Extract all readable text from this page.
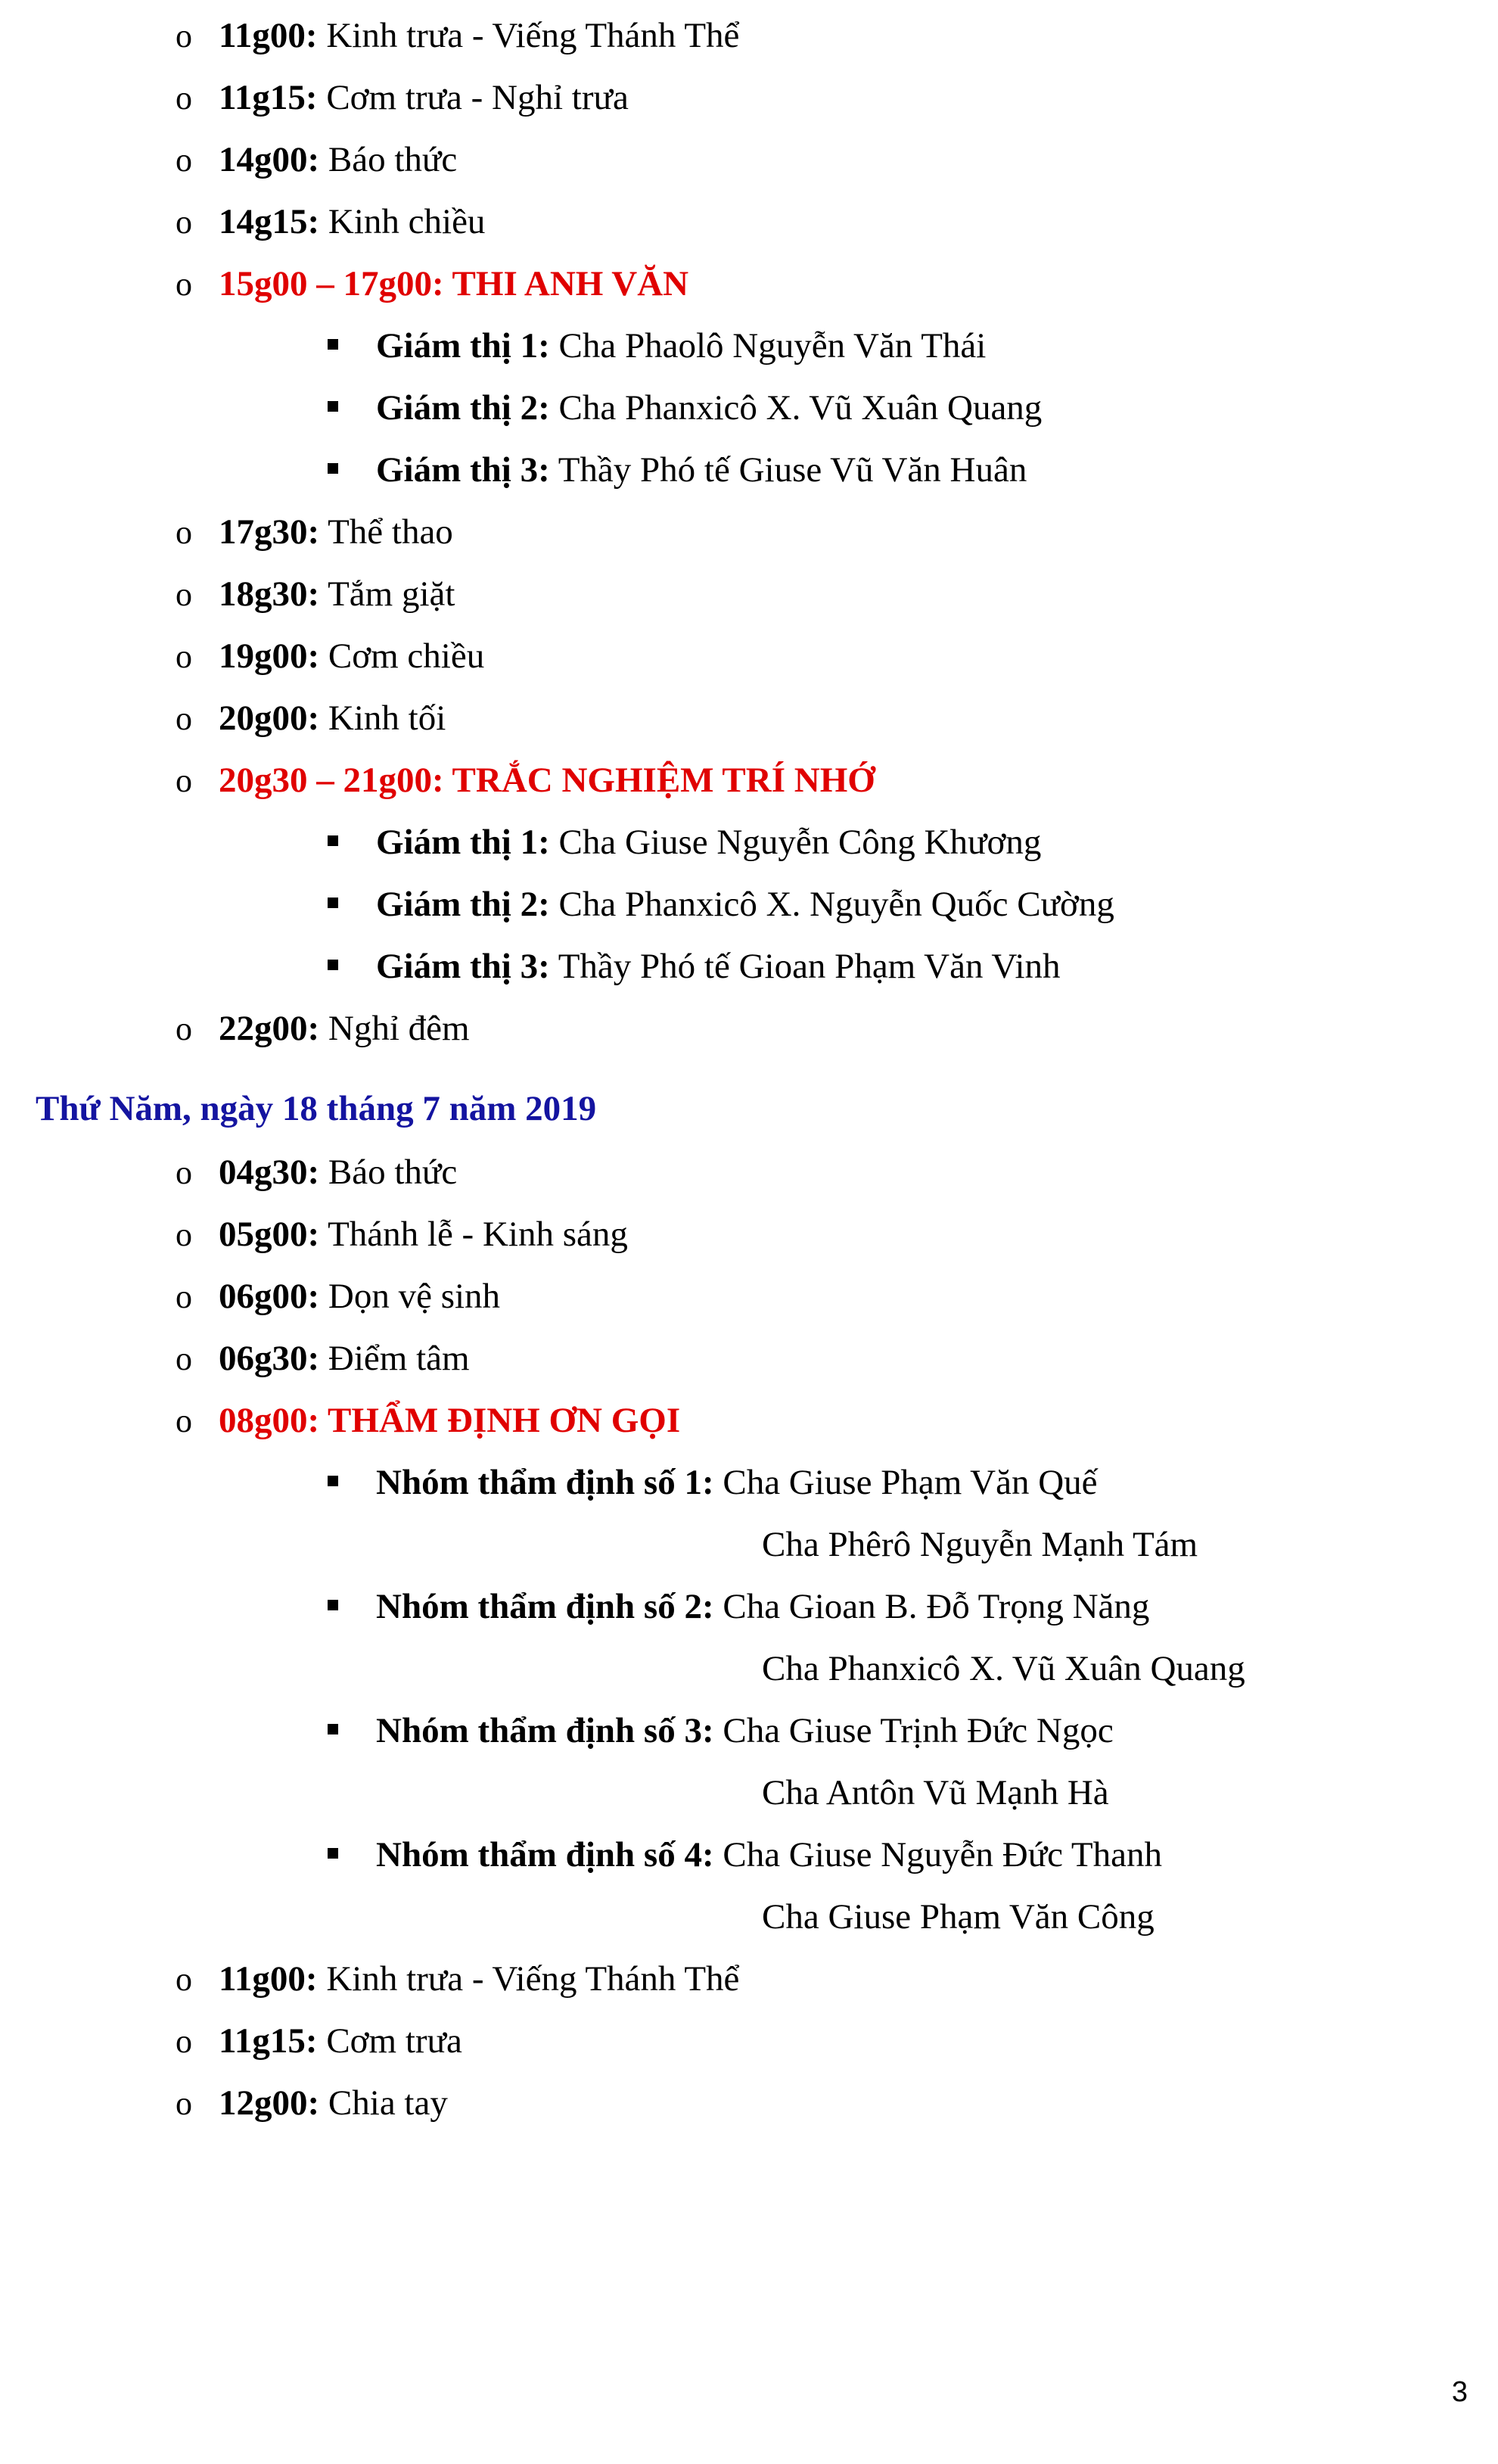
o 11g00: Kinh trưa - Viếng Thánh Thể
o 11g15: Cơm trưa - Nghỉ trưa
o 14g00: Báo thức
o 14g15: Kinh chiều
o 15g00 – 17g00: THI ANH VĂN
Giám thị 1: Cha Phaolô Nguyễn Văn Thái
Giám thị 2: Cha Phanxicô X. Vũ Xuân Quang
Giám thị 3: Thầy Phó tế Giuse Vũ Văn Huân
o 17g30: Thể thao
o 18g30: Tắm giặt
o 19g00: Cơm chiều
o 20g00: Kinh tối
o 20g30 – 21g00: TRẮC NGHIỆM TRÍ NHỚ
Giám thị 1: Cha Giuse Nguyễn Công Khương
Giám thị 2: Cha Phanxicô X. Nguyễn Quốc Cường
Giám thị 3: Thầy Phó tế Gioan Phạm Văn Vinh
o 22g00: Nghỉ đêm
Thứ Năm, ngày 18 tháng 7 năm 2019
o 04g30: Báo thức
o 05g00: Thánh lễ - Kinh sáng
o 06g00: Dọn vệ sinh
o 06g30: Điểm tâm
o 08g00: THẨM ĐỊNH ƠN GỌI
Nhóm thẩm định số 1: Cha Giuse Phạm Văn Quế
Cha Phêrô Nguyễn Mạnh Tám
Nhóm thẩm định số 2: Cha Gioan B. Đỗ Trọng Năng
Cha Phanxicô X. Vũ Xuân Quang
Nhóm thẩm định số 3: Cha Giuse Trịnh Đức Ngọc
Cha Antôn Vũ Mạnh Hà
Nhóm thẩm định số 4: Cha Giuse Nguyễn Đức Thanh
Cha Giuse Phạm Văn Công
o 11g00: Kinh trưa - Viếng Thánh Thể
o 11g15: Cơm trưa
o 12g00: Chia tay
3
